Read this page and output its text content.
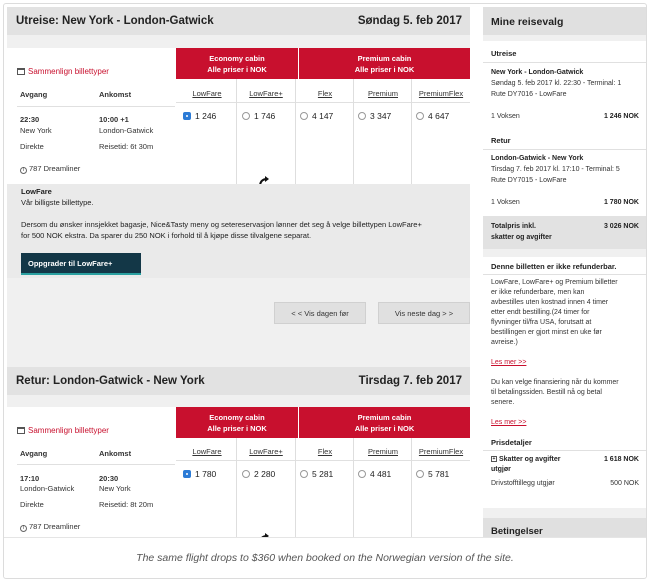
Utreise: New York - London-Gatwick	Søndag 5. feb 2017
Sammenlign billettyper
Avgang	Ankomst
22:30	10:00 +1
New York	London-Gatwick
Direkte	Reisetid: 6t 30m
i 787 Dreamliner
Economy cabin
Alle priser i NOK
Premium cabin
Alle priser i NOK
LowFare	LowFare+	Flex	Premium	PremiumFlex
1 246	1 746	4 147	3 347	4 647
LowFare
Vår billigste billettype.
Dersom du ønsker innsjekket bagasje, Nice&Tasty meny og setereservasjon lønner det seg å velge billettypen LowFare+
for 500 NOK ekstra. Da sparer du 250 NOK i forhold til å kjøpe disse tilvalgene separat.
Oppgrader til LowFare+
< < Vis dagen før	Vis neste dag > >
Retur: London-Gatwick - New York	Tirsdag 7. feb 2017
Sammenlign billettyper
Avgang	Ankomst
17:10	20:30
London-Gatwick	New York
Direkte	Reisetid: 8t 20m
i 787 Dreamliner
Economy cabin
Alle priser i NOK
Premium cabin
Alle priser i NOK
LowFare	LowFare+	Flex	Premium	PremiumFlex
1 780	2 280	5 281	4 481	5 781
Mine reisevalg
Utreise
New York - London-Gatwick
Søndag 5. feb 2017 kl. 22:30 - Terminal: 1
Rute DY7016 - LowFare
1 Voksen	1 246 NOK
Retur
London-Gatwick - New York
Tirsdag 7. feb 2017 kl. 17:10 - Terminal: 5
Rute DY7015 - LowFare
1 Voksen	1 780 NOK
Totalpris inkl.
skatter og avgifter
3 026 NOK
Denne billetten er ikke refunderbar.
LowFare, LowFare+ og Premium billetter
er ikke refunderbare, men kan
avbestilles uten kostnad innen 4 timer
etter endt bestilling.(24 timer for
flyvninger til/fra USA, forutsatt at
bestillingen er gjort minst en uke før
avreise.)
Les mer >>
Du kan velge finansiering når du kommer
til betalingssiden. Bestill nå og betal
senere.
Les mer >>
Prisdetaljer
+ Skatter og avgifter
utgjør
1 618 NOK
Drivstofftillegg utgjør	500 NOK
Betingelser
The same flight drops to $360 when booked on the Norwegian version of the site.
